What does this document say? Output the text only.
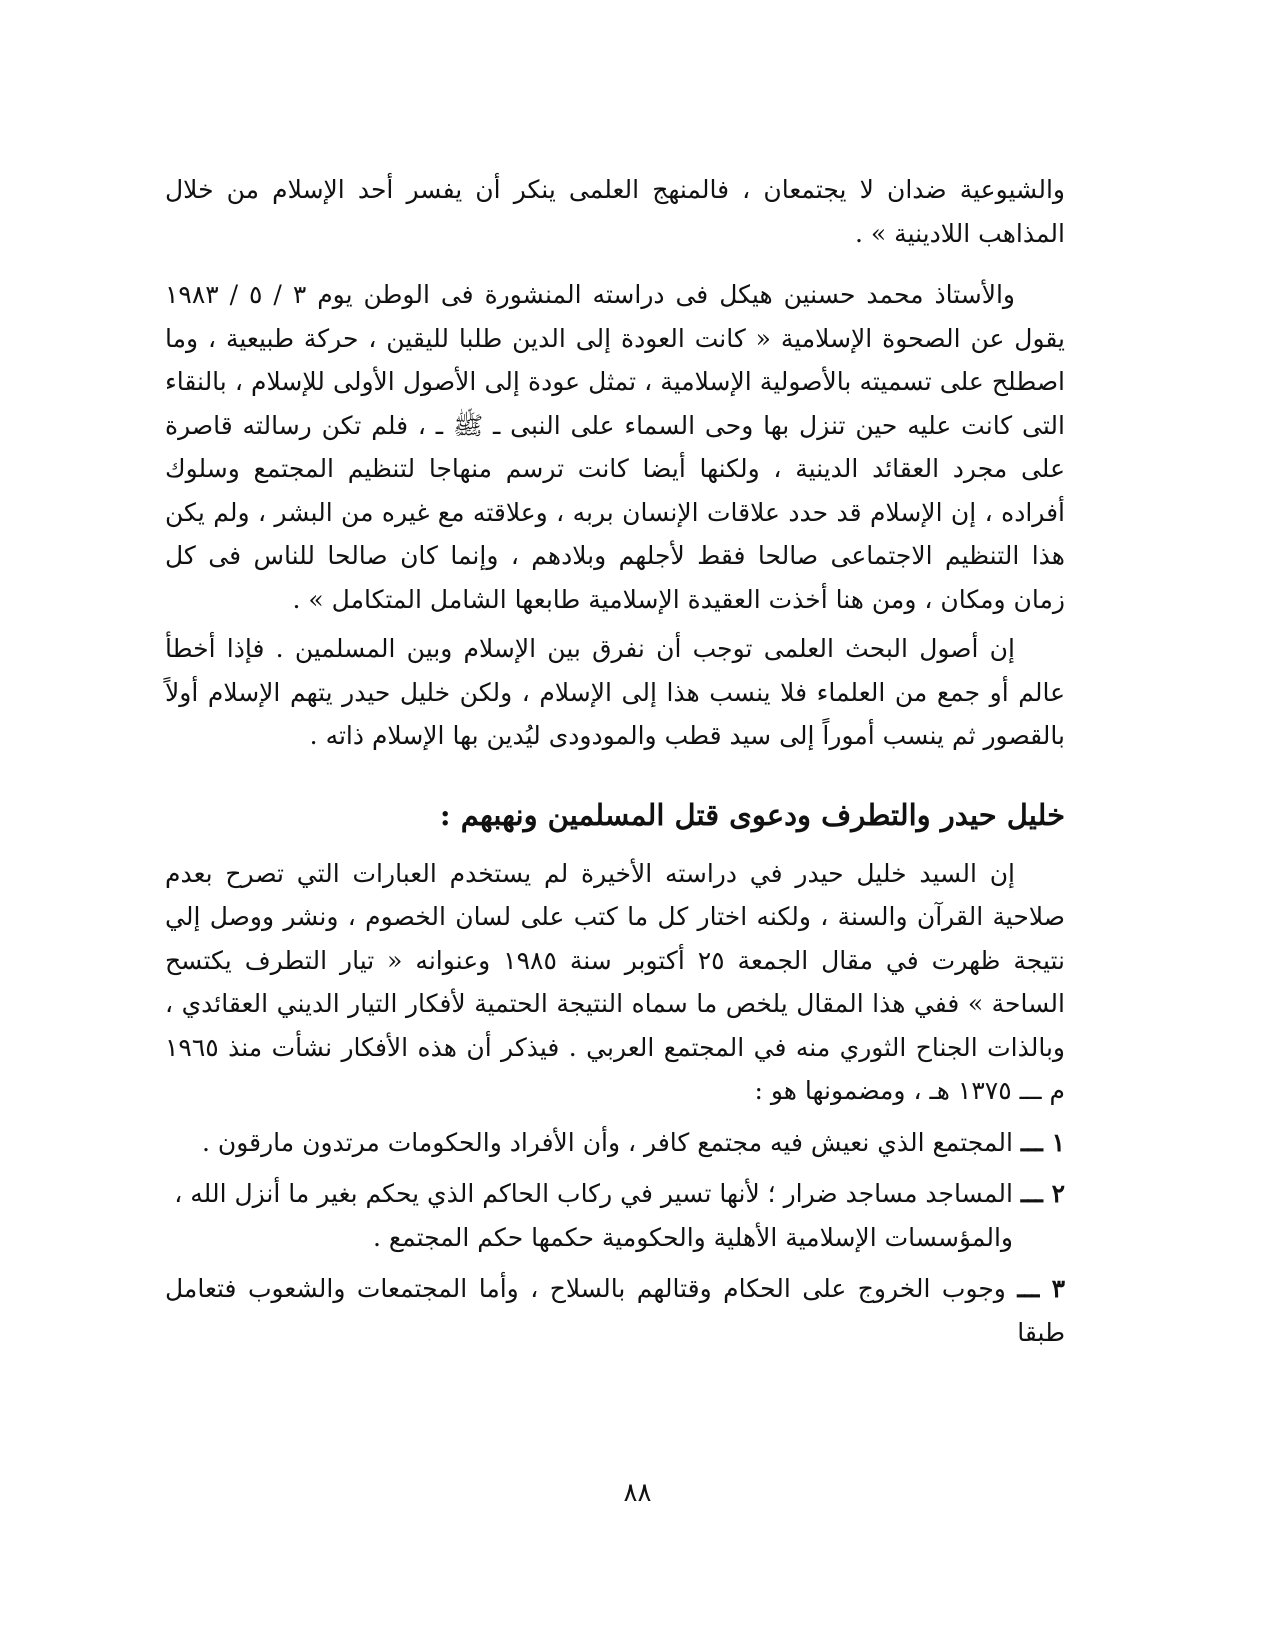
والشيوعية ضدان لا يجتمعان ، فالمنهج العلمى ينكر أن يفسر أحد الإسلام من خلال المذاهب اللادينية » .

والأستاذ محمد حسنين هيكل فى دراسته المنشورة فى الوطن يوم ٣ / ٥ / ١٩٨٣ يقول عن الصحوة الإسلامية « كانت العودة إلى الدين طلبا لليقين ، حركة طبيعية ، وما اصطلح على تسميته بالأصولية الإسلامية ، تمثل عودة إلى الأصول الأولى للإسلام ، بالنقاء التى كانت عليه حين تنزل بها وحى السماء على النبى ـ ﷺ ـ ، فلم تكن رسالته قاصرة على مجرد العقائد الدينية ، ولكنها أيضا كانت ترسم منهاجا لتنظيم المجتمع وسلوك أفراده ، إن الإسلام قد حدد علاقات الإنسان بربه ، وعلاقته مع غيره من البشر ، ولم يكن هذا التنظيم الاجتماعى صالحا فقط لأجلهم وبلادهم ، وإنما كان صالحا للناس فى كل زمان ومكان ، ومن هنا أخذت العقيدة الإسلامية طابعها الشامل المتكامل » .

إن أصول البحث العلمى توجب أن نفرق بين الإسلام وبين المسلمين . فإذا أخطأ عالم أو جمع من العلماء فلا ينسب هذا إلى الإسلام ، ولكن خليل حيدر يتهم الإسلام أولاً بالقصور ثم ينسب أموراً إلى سيد قطب والمودودى ليُدين بها الإسلام ذاته .

خليل حيدر والتطرف ودعوى قتل المسلمين ونهبهم :

إن السيد خليل حيدر في دراسته الأخيرة لم يستخدم العبارات التي تصرح بعدم صلاحية القرآن والسنة ، ولكنه اختار كل ما كتب على لسان الخصوم ، ونشر ووصل إلي نتيجة ظهرت في مقال الجمعة ٢٥ أكتوبر سنة ١٩٨٥ وعنوانه « تيار التطرف يكتسح الساحة » ففي هذا المقال يلخص ما سماه النتيجة الحتمية لأفكار التيار الديني العقائدي ، وبالذات الجناح الثوري منه في المجتمع العربي . فيذكر أن هذه الأفكار نشأت منذ ١٩٦٥ م ـــ ١٣٧٥ هـ ، ومضمونها هو :

١ ـــ المجتمع الذي نعيش فيه مجتمع كافر ، وأن الأفراد والحكومات مرتدون مارقون .
٢ ـــ المساجد مساجد ضرار ؛ لأنها تسير في ركاب الحاكم الذي يحكم بغير ما أنزل الله ،
والمؤسسات الإسلامية الأهلية والحكومية حكمها حكم المجتمع .
٣ ـــ وجوب الخروج على الحكام وقتالهم بالسلاح ، وأما المجتمعات والشعوب فتعامل طبقا
٨٨
